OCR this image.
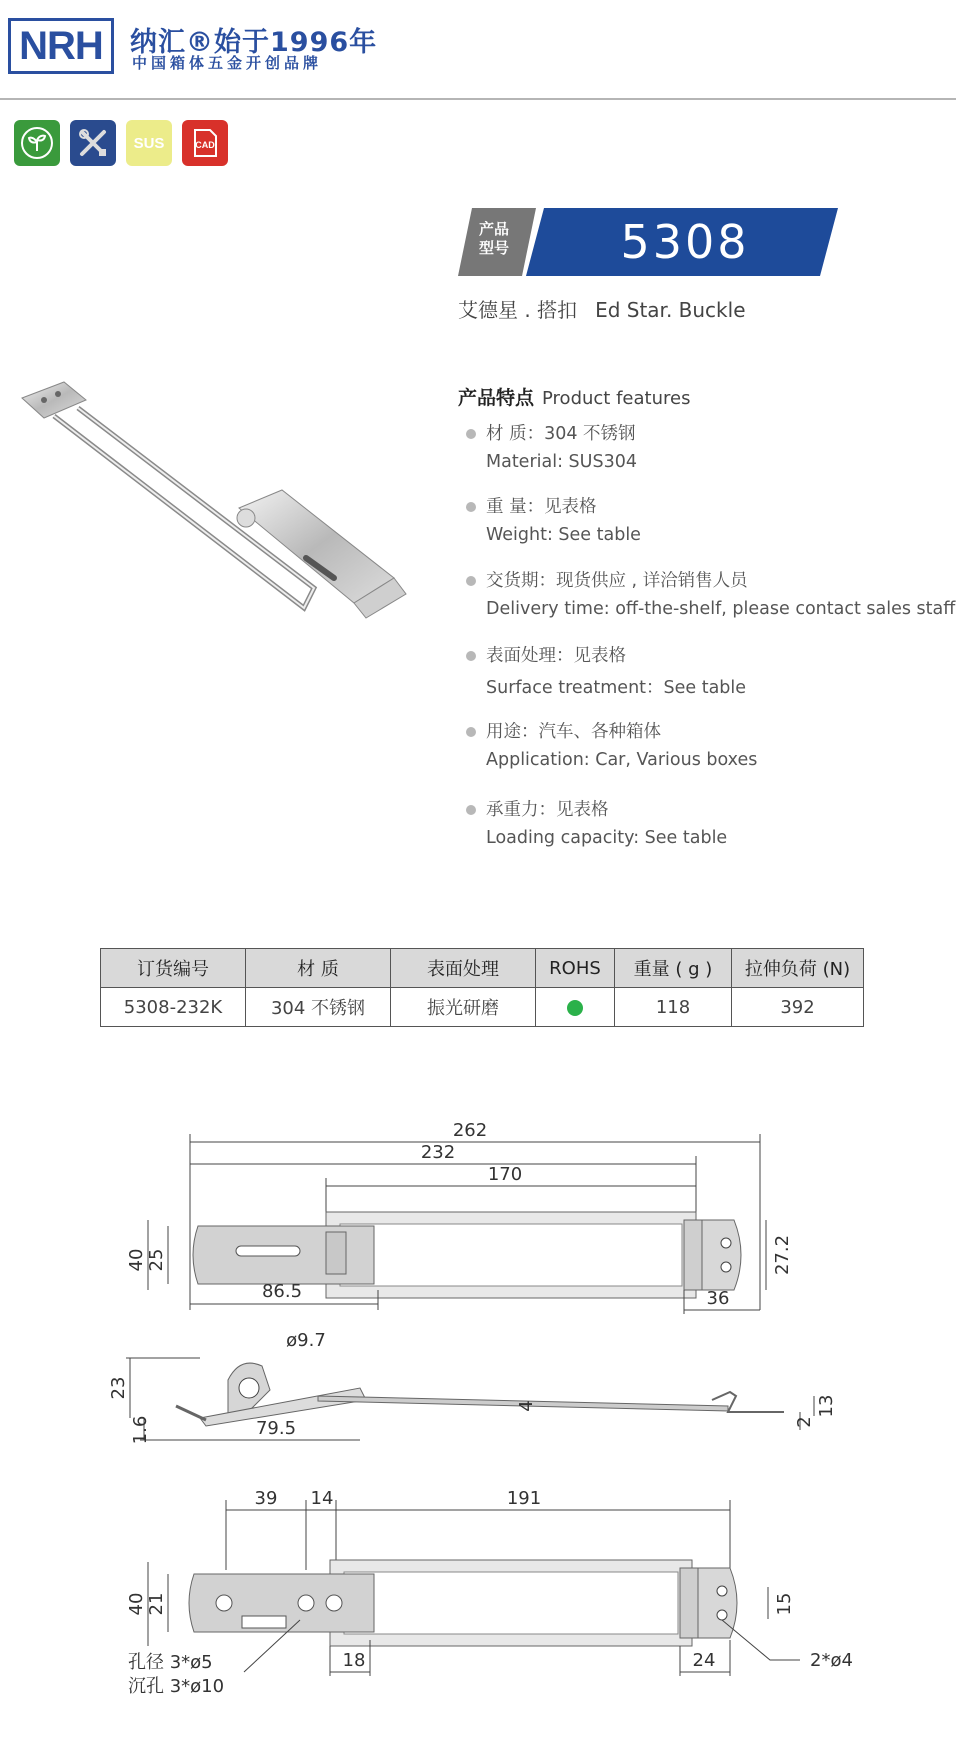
NRH 纳汇®始于1996年
中国箱体五金开创品牌
SUS	CAD
产品 型号	5308
艾德星 . 搭扣 Ed Star. Buckle
产品特点 Product features
材 质：304 不锈钢
Material: SUS304
重 量：见表格
Weight: See table
交货期：现货供应 , 详洽销售人员
Delivery time: off-the-shelf, please contact sales staff
表面处理：见表格
Surface treatment：See table
用途：汽车、各种箱体
Application: Car, Various boxes
承重力：见表格
Loading capacity: See table
订货编号	材 质	表面处理	ROHS	重量 ( g )	拉伸负荷 (N)
5308-232K	304 不锈钢	振光研磨		118	392
262
232
170
40 25	27.2
86.5	36
ø9.7
23
1.6	79.5
4	13
2
39 14	191
40 21	15
18	24	2*ø4
孔径 3*ø5
沉孔 3*ø10
